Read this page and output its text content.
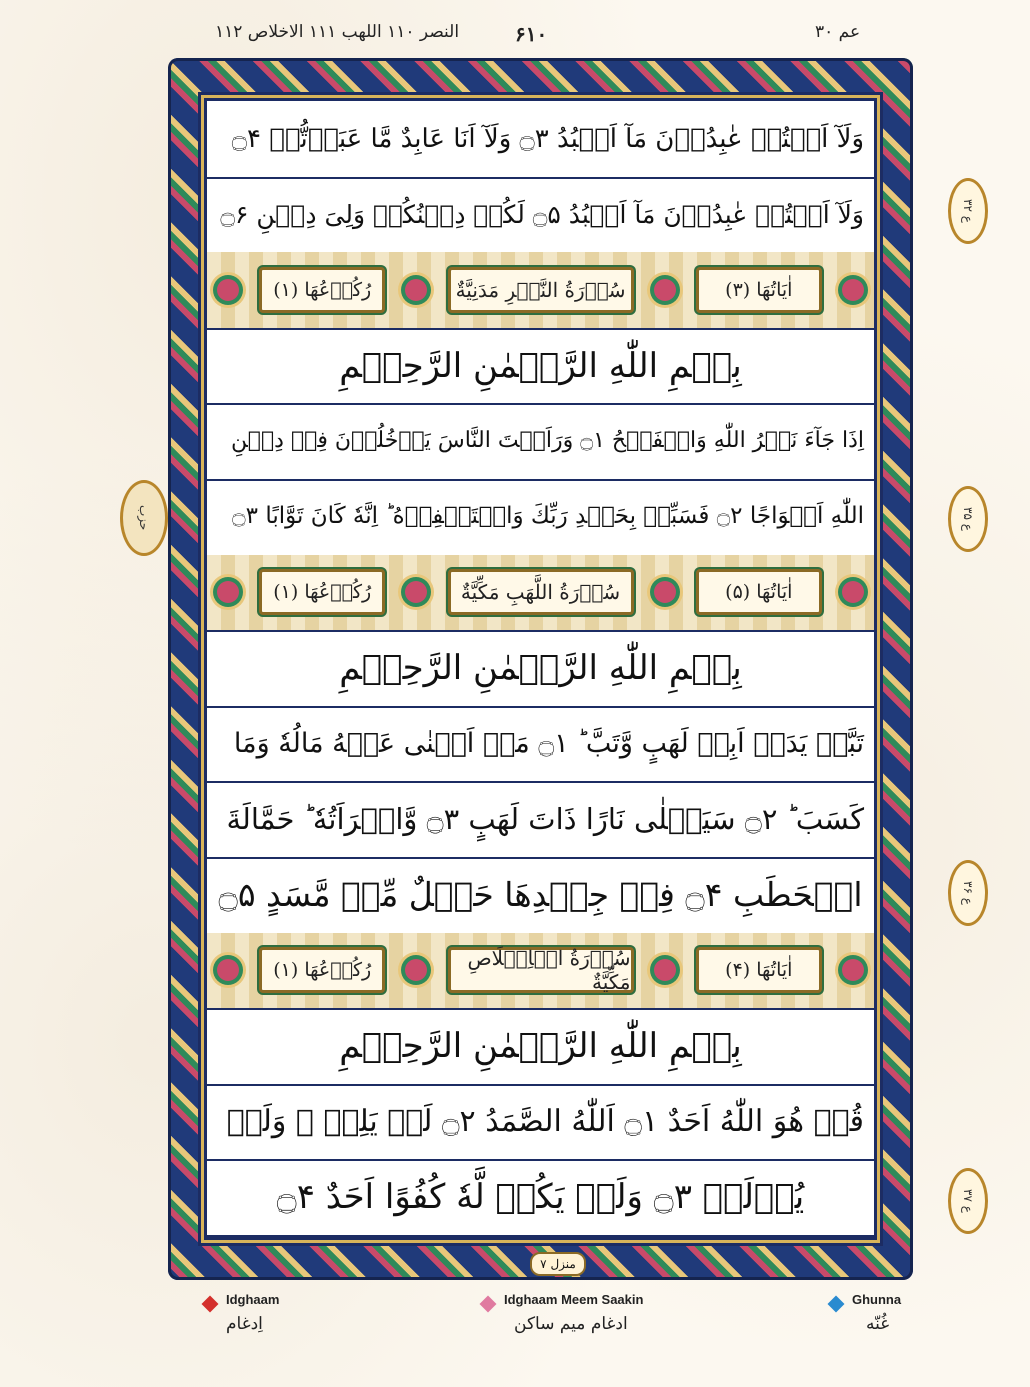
النصر ۱۱۰ اللهب ۱۱۱ الاخلاص ۱۱۲	۶۱۰	عم ۳۰
وَلَآ اَنۡتُمۡ عٰبِدُوۡنَ مَآ اَعۡبُدُ ۝۳ وَلَآ اَنَا عَابِدٌ مَّا عَبَدۡتُّمۡ ۝۴
وَلَآ اَنۡتُمۡ عٰبِدُوۡنَ مَآ اَعۡبُدُ ۝۵ لَكُمۡ دِيۡنُكُمۡ وَلِىَ دِيۡنِ ۝۶
اٰيَاتُهَا (۳)
سُوۡرَةُ النَّصۡرِ مَدَنِيَّةٌ
رُكُوۡعُهَا (۱)
بِسۡمِ اللّٰهِ الرَّحۡمٰنِ الرَّحِيۡمِ
اِذَا جَآءَ نَصۡرُ اللّٰهِ وَالۡفَتۡحُ ۝۱ وَرَاَيۡتَ النَّاسَ يَدۡخُلُوۡنَ فِىۡ دِيۡنِ
اللّٰهِ اَفۡوَاجًا ۝۲ فَسَبِّحۡ بِحَمۡدِ رَبِّكَ وَاسۡتَغۡفِرۡهُ ؕ اِنَّهٗ كَانَ تَوَّابًا ۝۳
اٰيَاتُهَا (۵)
سُوۡرَةُ اللَّهَبِ مَكِّيَّةٌ
رُكُوۡعُهَا (۱)
بِسۡمِ اللّٰهِ الرَّحۡمٰنِ الرَّحِيۡمِ
تَبَّتۡ يَدَاۤ اَبِىۡ لَهَبٍ وَّتَبَّ ؕ ۝۱ مَاۤ اَغۡنٰى عَنۡهُ مَالُهٗ وَمَا
كَسَبَ ؕ ۝۲ سَيَصۡلٰى نَارًا ذَاتَ لَهَبٍ ۝۳ وَّامۡرَاَتُهٗ ؕ حَمَّالَةَ
الۡحَطَبِ ۝۴ فِىۡ جِيۡدِهَا حَبۡلٌ مِّنۡ مَّسَدٍ ۝۵
اٰيَاتُهَا (۴)
سُوۡرَةُ الۡاِخۡلَاصِ مَكِّيَّةٌ
رُكُوۡعُهَا (۱)
بِسۡمِ اللّٰهِ الرَّحۡمٰنِ الرَّحِيۡمِ
قُلۡ هُوَ اللّٰهُ اَحَدٌ ۝۱ اَللّٰهُ الصَّمَدُ ۝۲ لَمۡ يَلِدۡ ۙ وَلَمۡ
يُوۡلَدۡ ۝۳ وَلَمۡ يَكُنۡ لَّهٗ كُفُوًا اَحَدٌ ۝۴
منزل ۷
ع ۳۲
ع ۳۵
ع ۳۶
ع ۳۷
حزب
Idghaam
اِدغام
Idghaam Meem Saakin
ادغام میم ساکن
Ghunna
غُنّه
